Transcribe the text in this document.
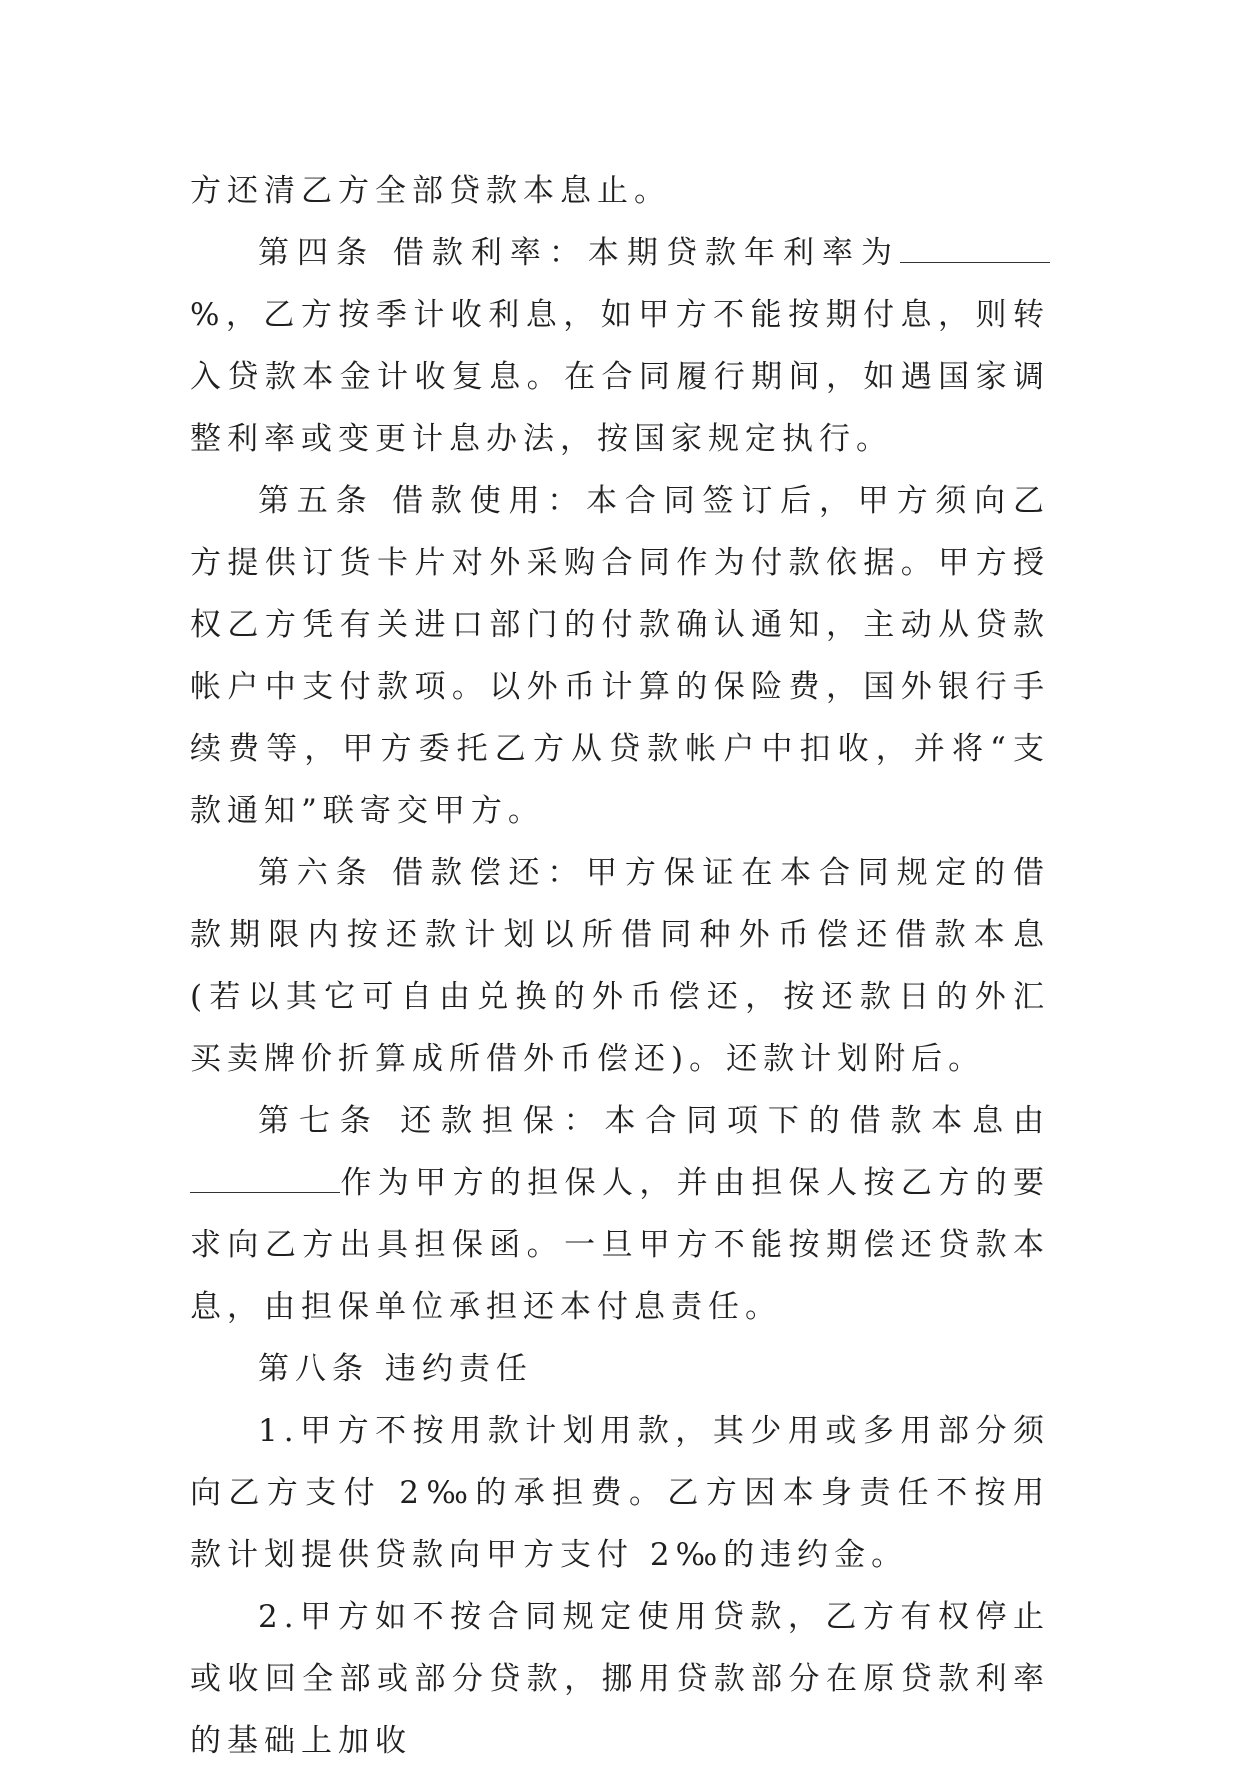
方还清乙方全部贷款本息止。

第四条 借款利率：本期贷款年利率为%，乙方按季计收利息，如甲方不能按期付息，则转入贷款本金计收复息。在合同履行期间，如遇国家调整利率或变更计息办法，按国家规定执行。

第五条 借款使用：本合同签订后，甲方须向乙方提供订货卡片对外采购合同作为付款依据。甲方授权乙方凭有关进口部门的付款确认通知，主动从贷款帐户中支付款项。以外币计算的保险费，国外银行手续费等，甲方委托乙方从贷款帐户中扣收，并将“支款通知”联寄交甲方。

第六条 借款偿还：甲方保证在本合同规定的借款期限内按还款计划以所借同种外币偿还借款本息(若以其它可自由兑换的外币偿还，按还款日的外汇买卖牌价折算成所借外币偿还)。还款计划附后。

第七条 还款担保：本合同项下的借款本息由作为甲方的担保人，并由担保人按乙方的要求向乙方出具担保函。一旦甲方不能按期偿还贷款本息，由担保单位承担还本付息责任。

第八条 违约责任

1.甲方不按用款计划用款，其少用或多用部分须向乙方支付 2‰的承担费。乙方因本身责任不按用款计划提供贷款向甲方支付 2‰的违约金。

2.甲方如不按合同规定使用贷款，乙方有权停止或收回全部或部分贷款，挪用贷款部分在原贷款利率的基础上加收
